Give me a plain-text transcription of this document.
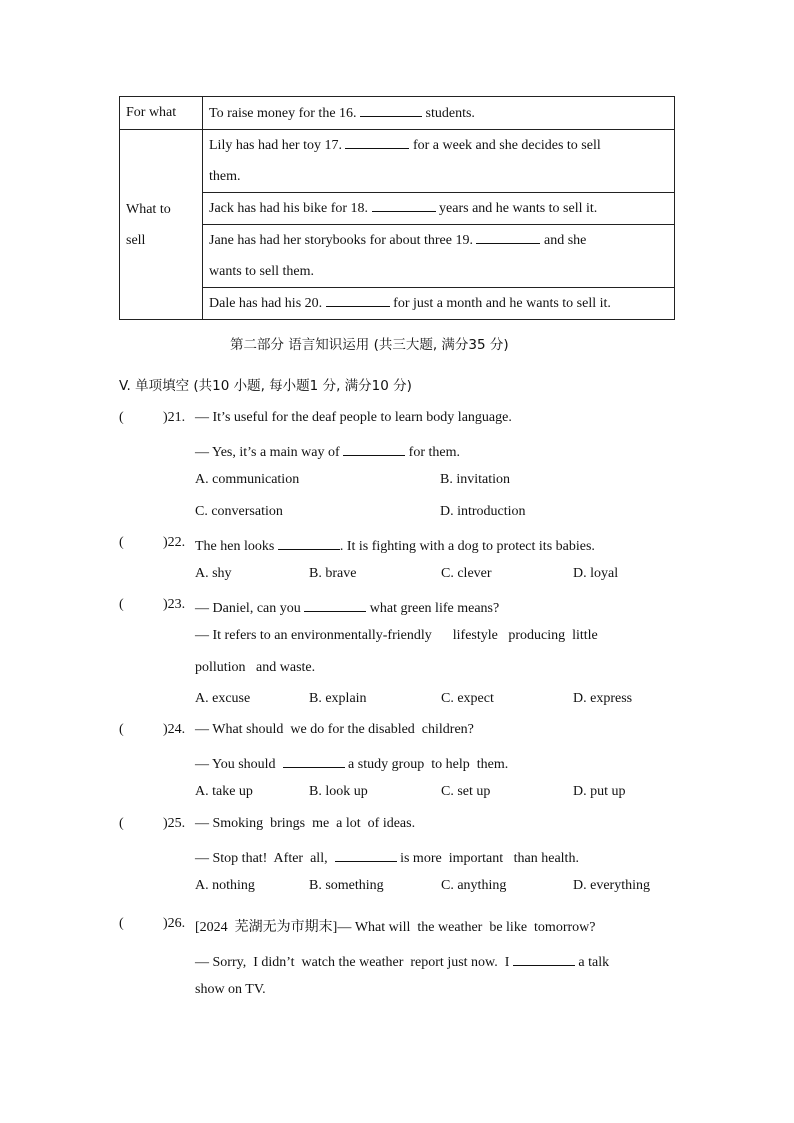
For what	To raise money for the 16. students.
What to
sell	Lily has had her toy 17. for a week and she decides to sell
them.
	Jack has had his bike for 18. years and he wants to sell it.
	Jane has had her storybooks for about three 19. and she
wants to sell them.
	Dale has had his 20. for just a month and he wants to sell it.
第二部分 语言知识运用 (共三大题, 满分35 分)
V. 单项填空 (共10 小题, 每小题1 分, 满分10 分)
(	)21. — It’s useful for the deaf people to learn body language.
— Yes, it’s a main way of	for them.
A. communication	B. invitation
C. conversation	D. introduction
(	)22. The hen looks	. It is fighting with a dog to protect its babies.
A. shy	B. brave	C. clever	D. loyal
(	)23. — Daniel, can you	what green life means?
— It refers to an environmentally-friendly      lifestyle   producing  little
pollution   and waste.
A. excuse	B. explain	C. expect	D. express
(	)24. — What should  we do for the disabled  children?
— You should	a study group  to help  them.
A. take up	B. look up	C. set up	D. put up
(	)25. — Smoking  brings  me  a lot  of ideas.
— Stop that!  After  all,	is more  important   than health.
A. nothing	B. something	C. anything	D. everything
(	)26. [2024  芜湖无为市期末]— What will  the weather  be like  tomorrow?
— Sorry,  I didn’t  watch the weather  report just now.  I	a talk
show on TV.
